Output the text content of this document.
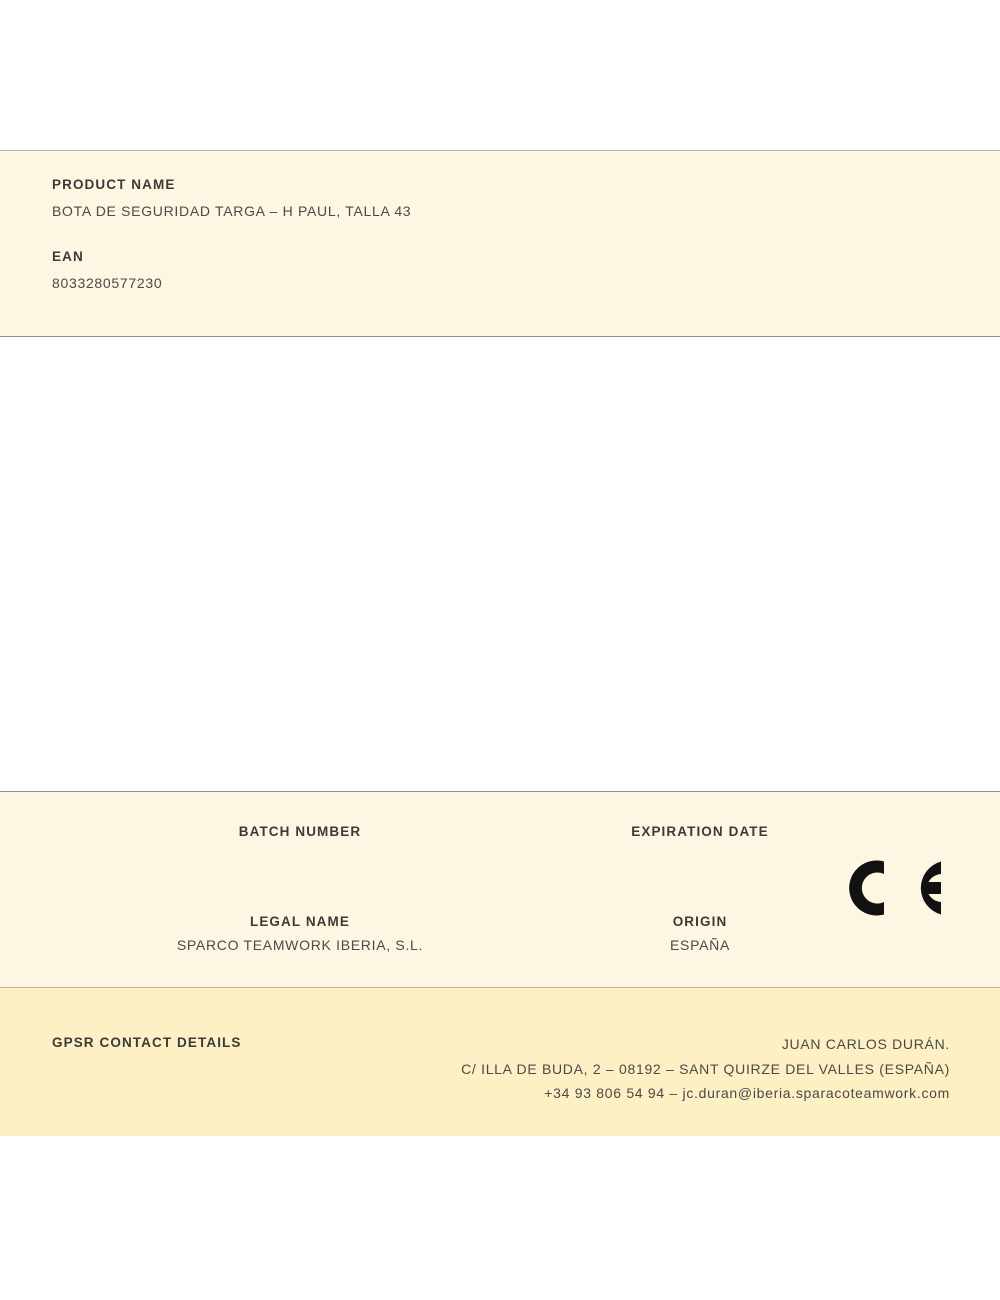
PRODUCT NAME
BOTA DE SEGURIDAD TARGA – H PAUL, TALLA 43
EAN
8033280577230
BATCH NUMBER	EXPIRATION DATE
LEGAL NAME
SPARCO TEAMWORK IBERIA, S.L.
ORIGIN
ESPAÑA
GPSR CONTACT DETAILS	JUAN CARLOS DURÁN.
C/ ILLA DE BUDA, 2 – 08192 – SANT QUIRZE DEL VALLES (ESPAÑA)
+34 93 806 54 94 – jc.duran@iberia.sparacoteamwork.com
